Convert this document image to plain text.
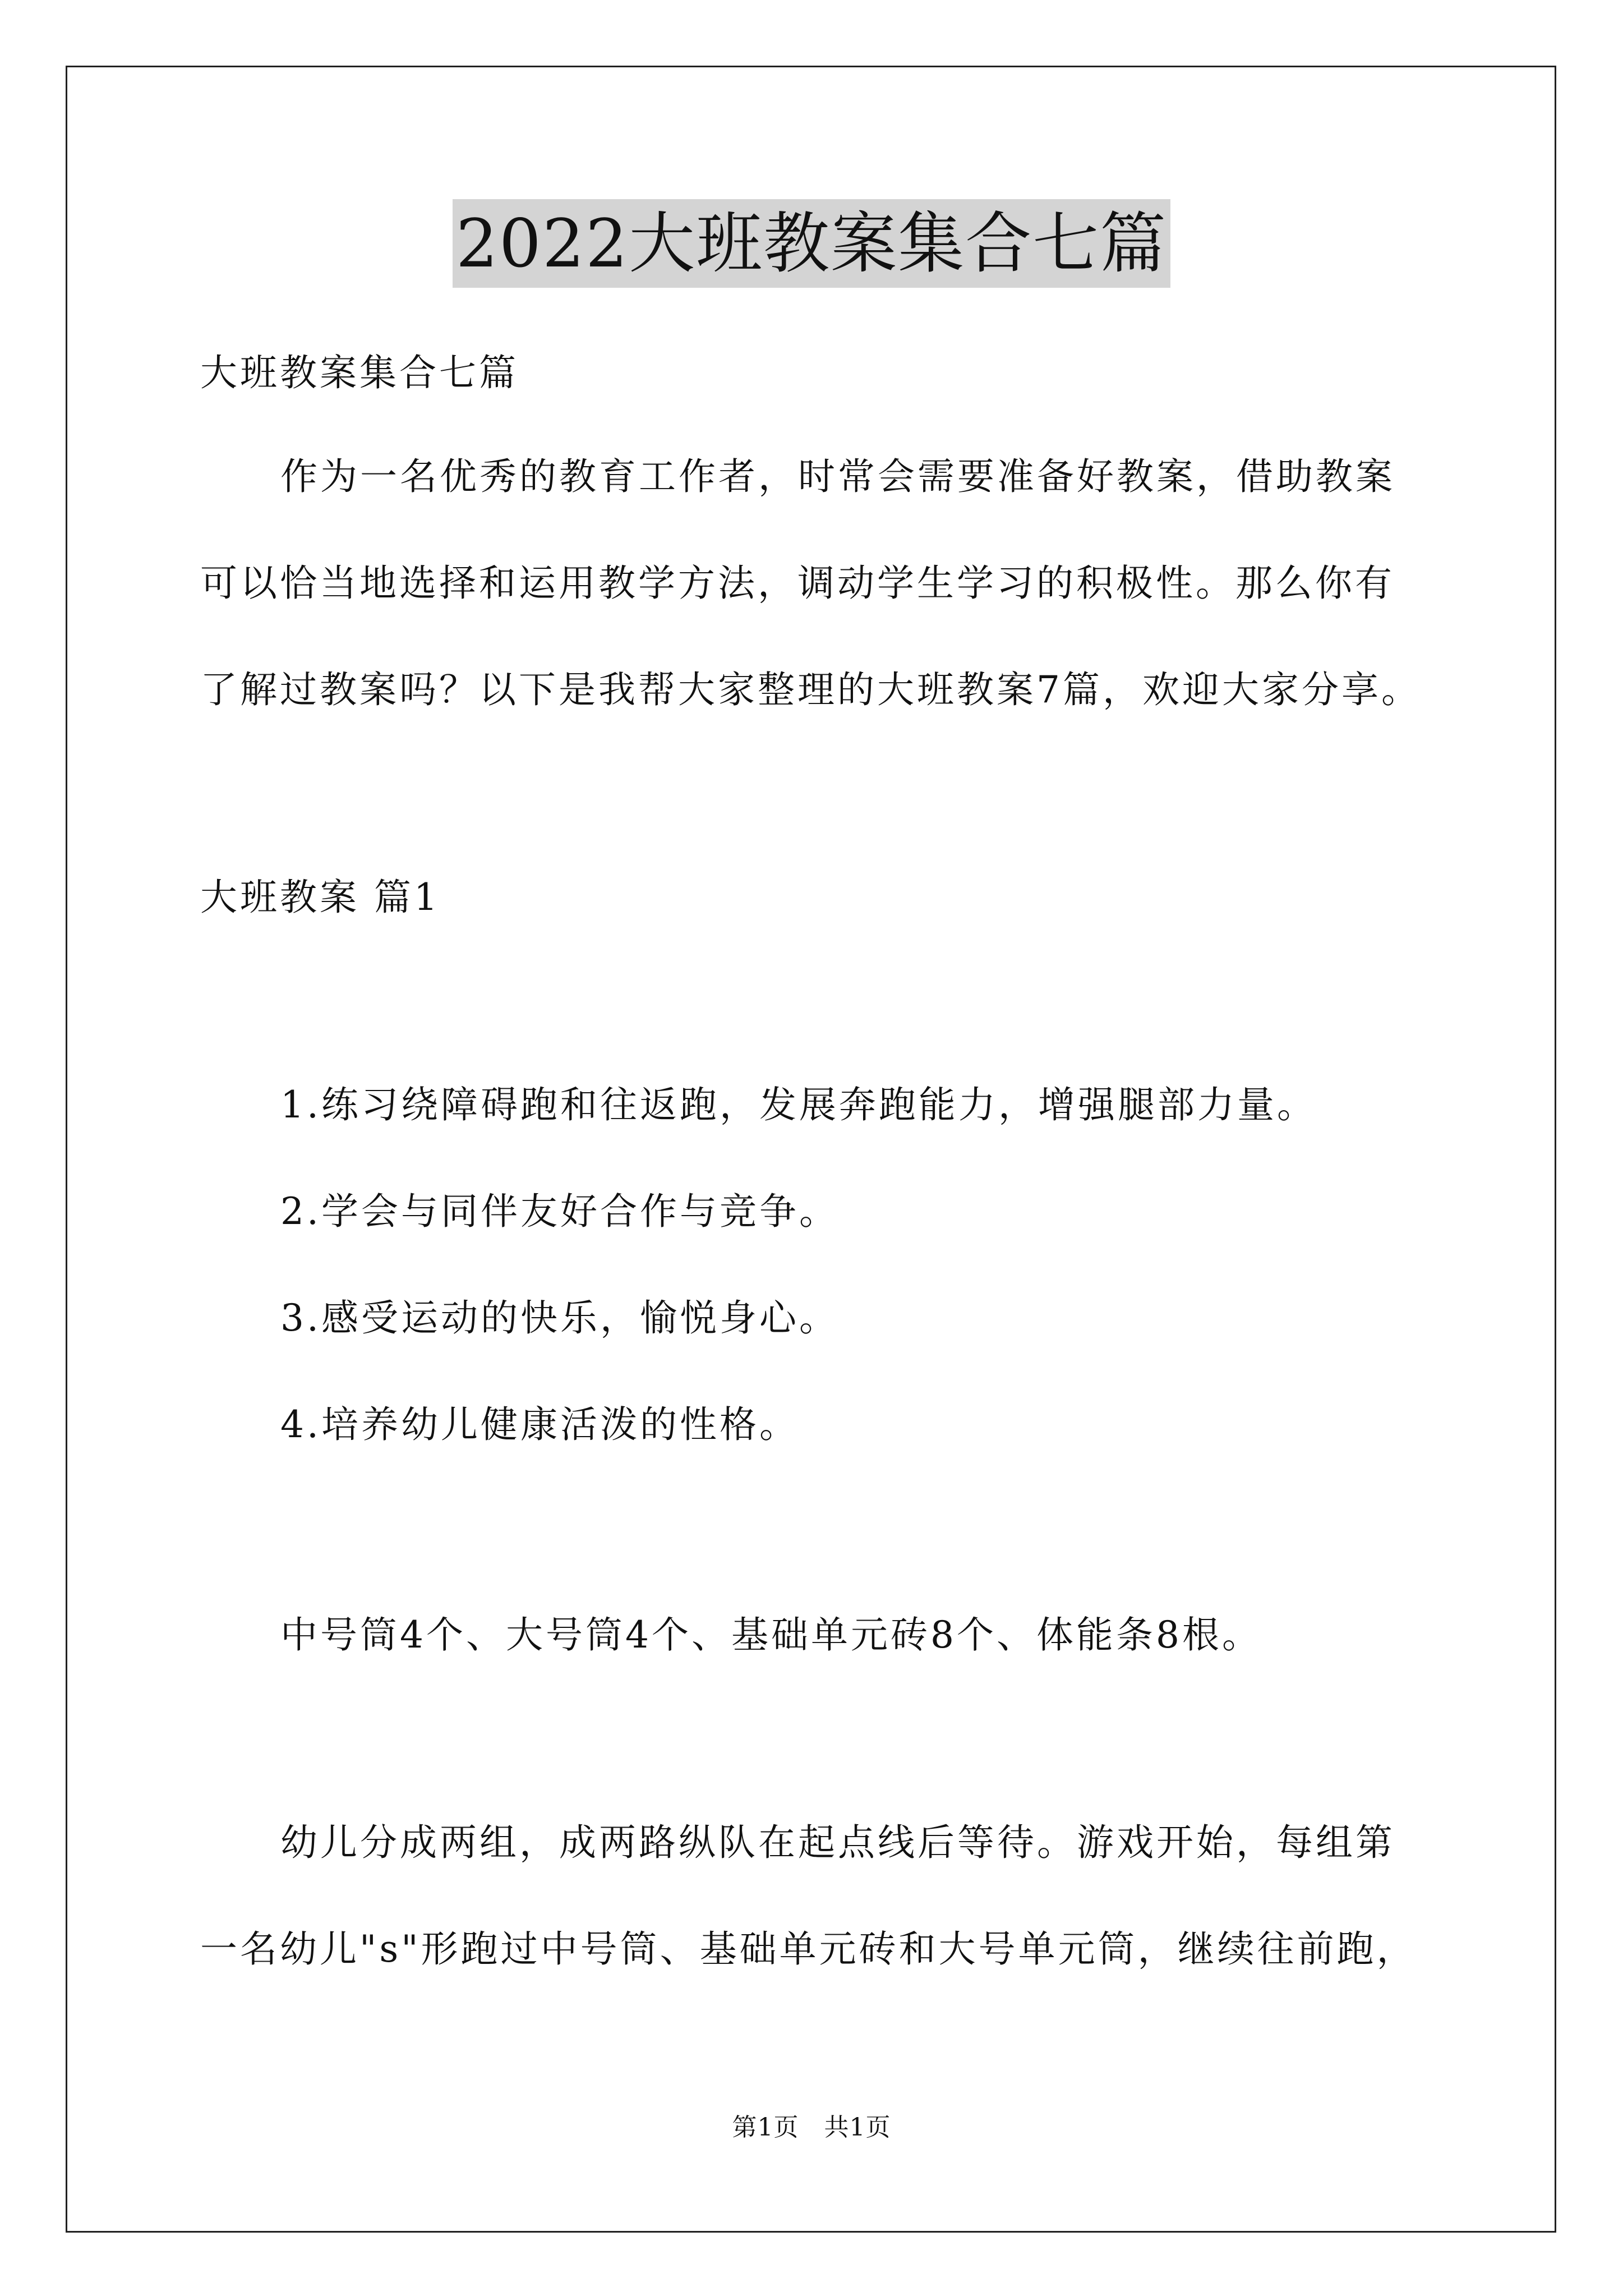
2022大班教案集合七篇
大班教案集合七篇
作为一名优秀的教育工作者，时常会需要准备好教案，借助教案
可以恰当地选择和运用教学方法，调动学生学习的积极性。那么你有
了解过教案吗？以下是我帮大家整理的大班教案7篇，欢迎大家分享。
大班教案 篇1
1.练习绕障碍跑和往返跑，发展奔跑能力，增强腿部力量。
2.学会与同伴友好合作与竞争。
3.感受运动的快乐，愉悦身心。
4.培养幼儿健康活泼的性格。
中号筒4个、大号筒4个、基础单元砖8个、体能条8根。
幼儿分成两组，成两路纵队在起点线后等待。游戏开始，每组第
一名幼儿"s"形跑过中号筒、基础单元砖和大号单元筒，继续往前跑，
第1页 共1页
